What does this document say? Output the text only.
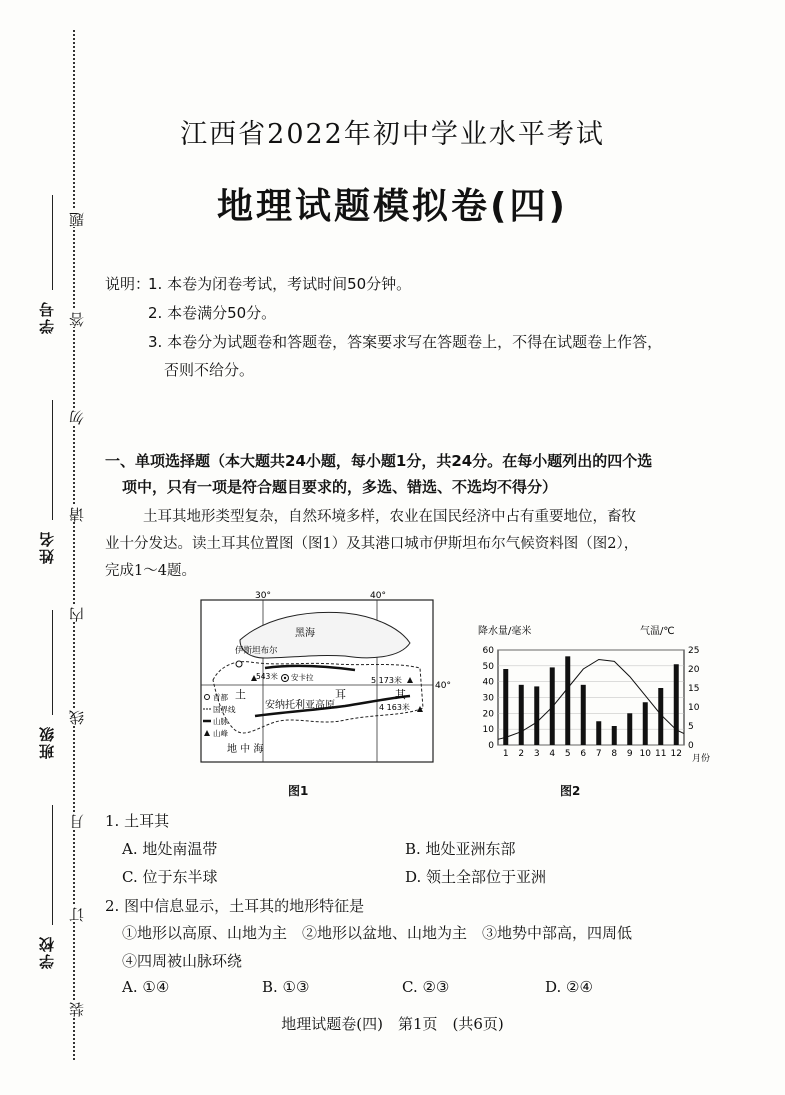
学号
姓名
班级
学校
题
答
勿
请
内
线
月
订
装
江西省2022年初中学业水平考试
地理试题模拟卷(四)
说明：
1. 本卷为闭卷考试，考试时间50分钟。
2. 本卷满分50分。
3. 本卷分为试题卷和答题卷，答案要求写在答题卷上，不得在试题卷上作答，
否则不给分。
一、单项选择题（本大题共24小题，每小题1分，共24分。在每小题列出的四个选
项中，只有一项是符合题目要求的，多选、错选、不选均不得分）
土耳其地形类型复杂，自然环境多样，农业在国民经济中占有重要地位，畜牧
业十分发达。读土耳其位置图（图1）及其港口城市伊斯坦布尔气候资料图（图2），
完成1～4题。
30°	40°
40°
黑海
伊斯坦布尔
安卡拉
543米	5 173米
4 163米
安纳托利亚高原
土	耳	其
地 中 海
首都
国界线
山脉
山峰
图1
降水量/毫米	气温/℃
月份
0
10
20
30
40
50
60
0
5
10
15
20
25
1 2 3 4 5 6 7 8 9 10 11 12
图2
1. 土耳其
A. 地处南温带	B. 地处亚洲东部
C. 位于东半球	D. 领土全部位于亚洲
2. 图中信息显示，土耳其的地形特征是
①地形以高原、山地为主　②地形以盆地、山地为主　③地势中部高，四周低
④四周被山脉环绕
A. ①④	B. ①③	C. ②③	D. ②④
地理试题卷(四)　第1页　(共6页)
